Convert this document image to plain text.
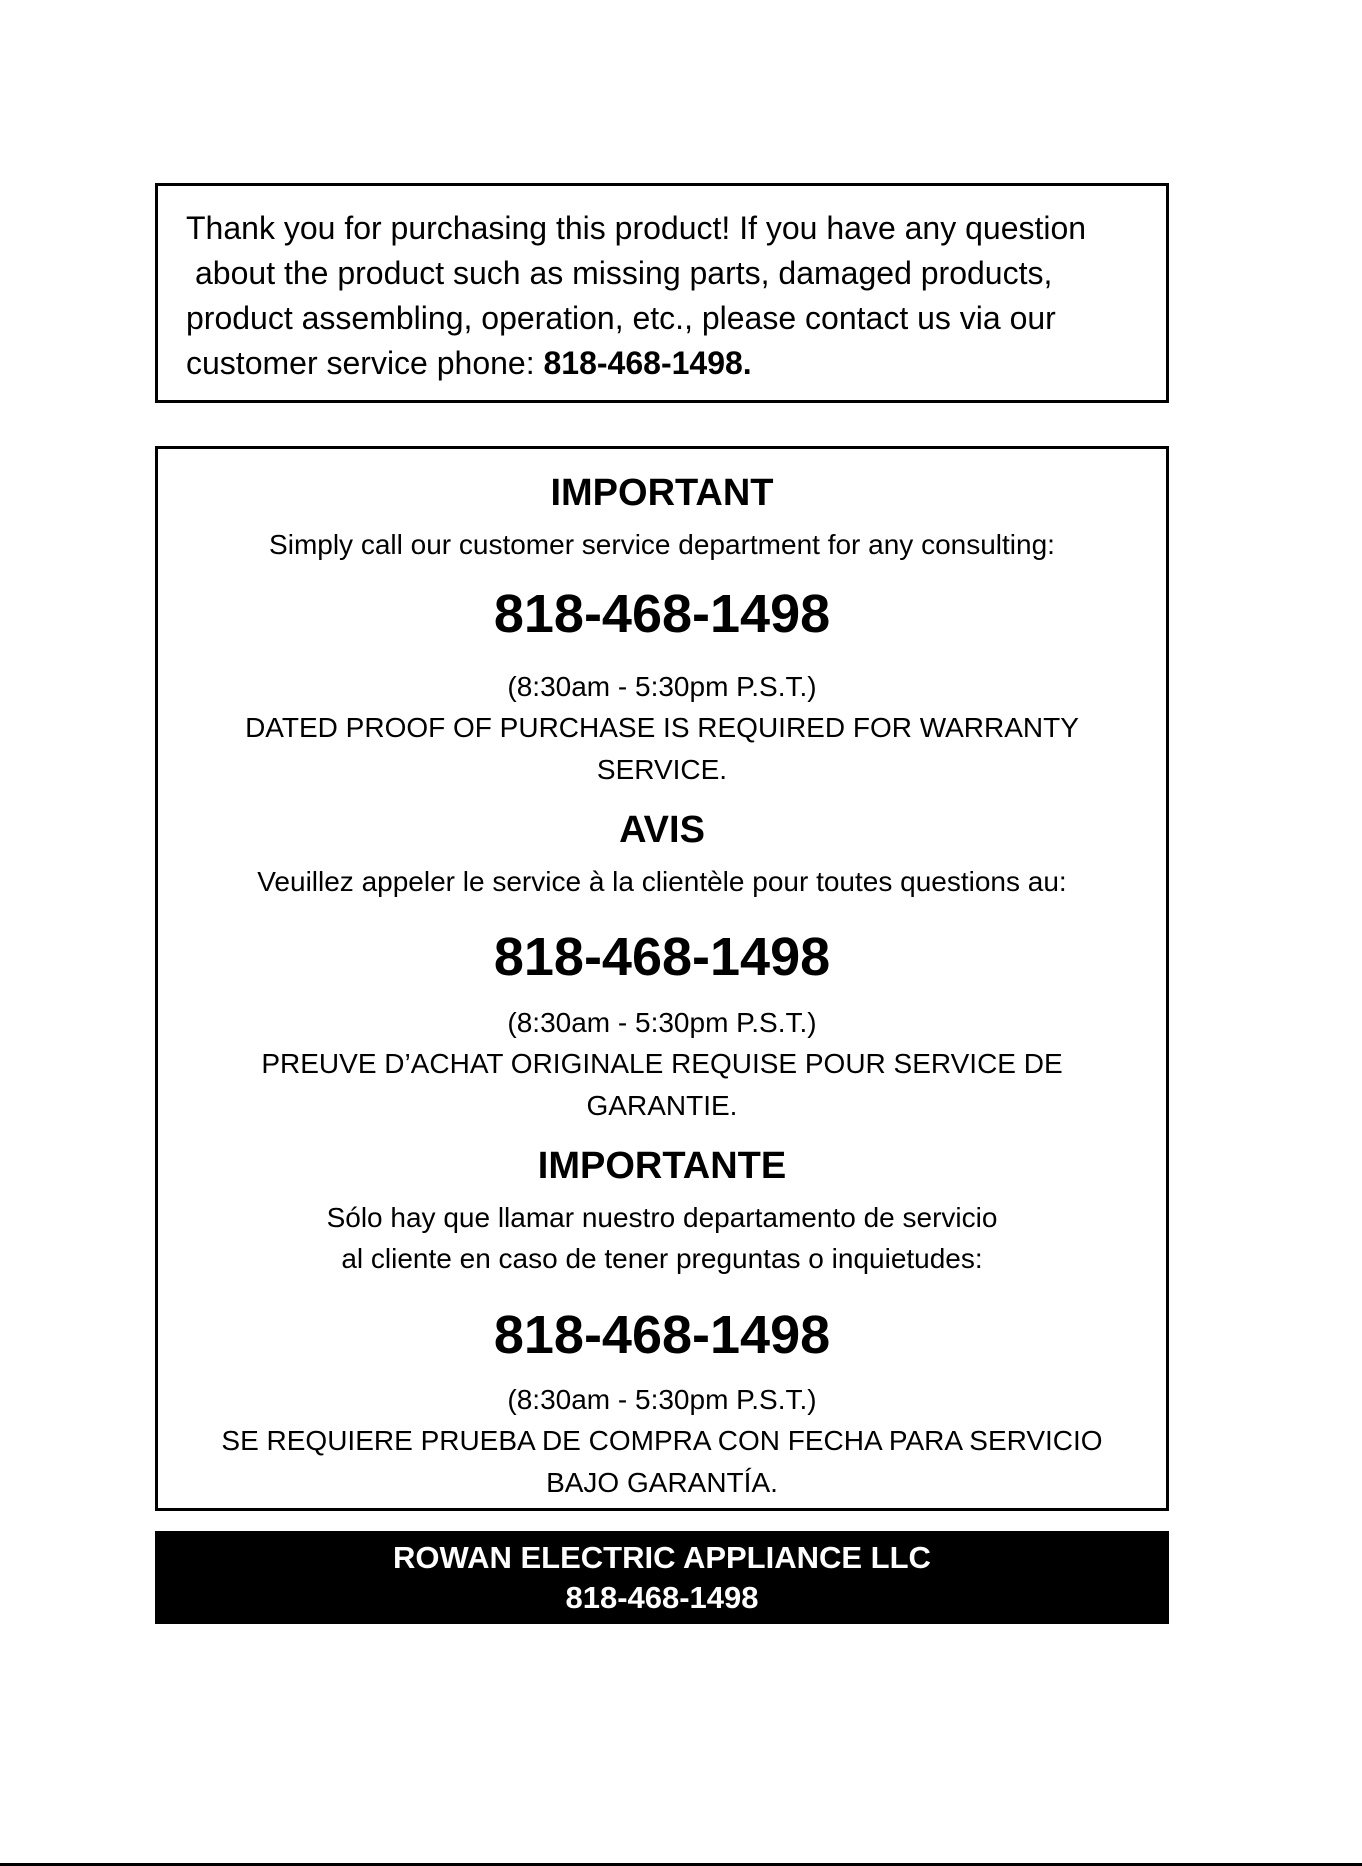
Thank you for purchasing this product! If you have any question
about the product such as missing parts, damaged products,
product assembling, operation, etc., please contact us via our
customer service phone: 818-468-1498.
IMPORTANT
Simply call our customer service department for any consulting:
818-468-1498
(8:30am - 5:30pm P.S.T.)
DATED PROOF OF PURCHASE IS REQUIRED FOR WARRANTY
SERVICE.
AVIS
Veuillez appeler le service à la clientèle pour toutes questions au:
818-468-1498
(8:30am - 5:30pm P.S.T.)
PREUVE D’ACHAT ORIGINALE REQUISE POUR SERVICE DE
GARANTIE.
IMPORTANTE
Sólo hay que llamar nuestro departamento de servicio
al cliente en caso de tener preguntas o inquietudes:
818-468-1498
(8:30am - 5:30pm P.S.T.)
SE REQUIERE PRUEBA DE COMPRA CON FECHA PARA SERVICIO
BAJO GARANTÍA.
ROWAN ELECTRIC APPLIANCE LLC
818-468-1498
